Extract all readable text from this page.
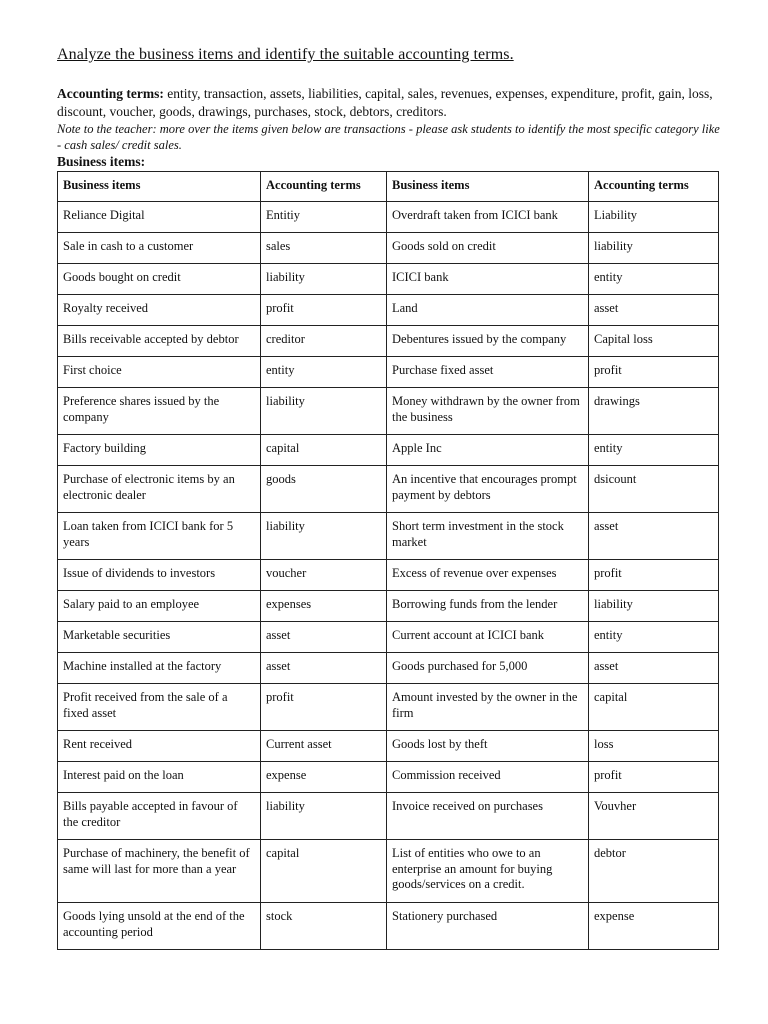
Analyze the business items and identify the suitable accounting terms.
Accounting terms: entity, transaction, assets, liabilities, capital, sales, revenues, expenses, expenditure, profit, gain, loss, discount, voucher, goods, drawings, purchases, stock, debtors, creditors.
Note to the teacher: more over the items given below are transactions - please ask students to identify the most specific category like - cash sales/ credit sales.
Business items:
Business items	Accounting terms	Business items	Accounting terms
Reliance Digital	Entitiy	Overdraft taken from ICICI bank	Liability
Sale in cash to a customer	sales	Goods sold on credit	liability
Goods bought on credit	liability	ICICI bank	entity
Royalty received	profit	Land	asset
Bills receivable accepted by debtor	creditor	Debentures issued by the company	Capital loss
First choice	entity	Purchase fixed asset	profit
Preference shares issued by the company	liability	Money withdrawn by the owner from the business	drawings
Factory building	capital	Apple Inc	entity
Purchase of electronic items by an electronic dealer	goods	An incentive that encourages prompt payment by debtors	dsicount
Loan taken from ICICI bank for 5 years	liability	Short term investment in the stock market	asset
Issue of dividends to investors	voucher	Excess of revenue over expenses	profit
Salary paid to an employee	expenses	Borrowing funds from the lender	liability
Marketable securities	asset	Current account at ICICI bank	entity
Machine installed at the factory	asset	Goods purchased for 5,000	asset
Profit received from the sale of a fixed asset	profit	Amount invested by the owner in the firm	capital
Rent received	Current asset	Goods lost by theft	loss
Interest paid on the loan	expense	Commission received	profit
Bills payable accepted in favour of the creditor	liability	Invoice received on purchases	Vouvher
Purchase of machinery, the benefit of same will last for more than a year	capital	List of entities who owe to an enterprise an amount for buying goods/services on a credit.	debtor
Goods lying unsold at the end of the accounting period	stock	Stationery purchased	expense
